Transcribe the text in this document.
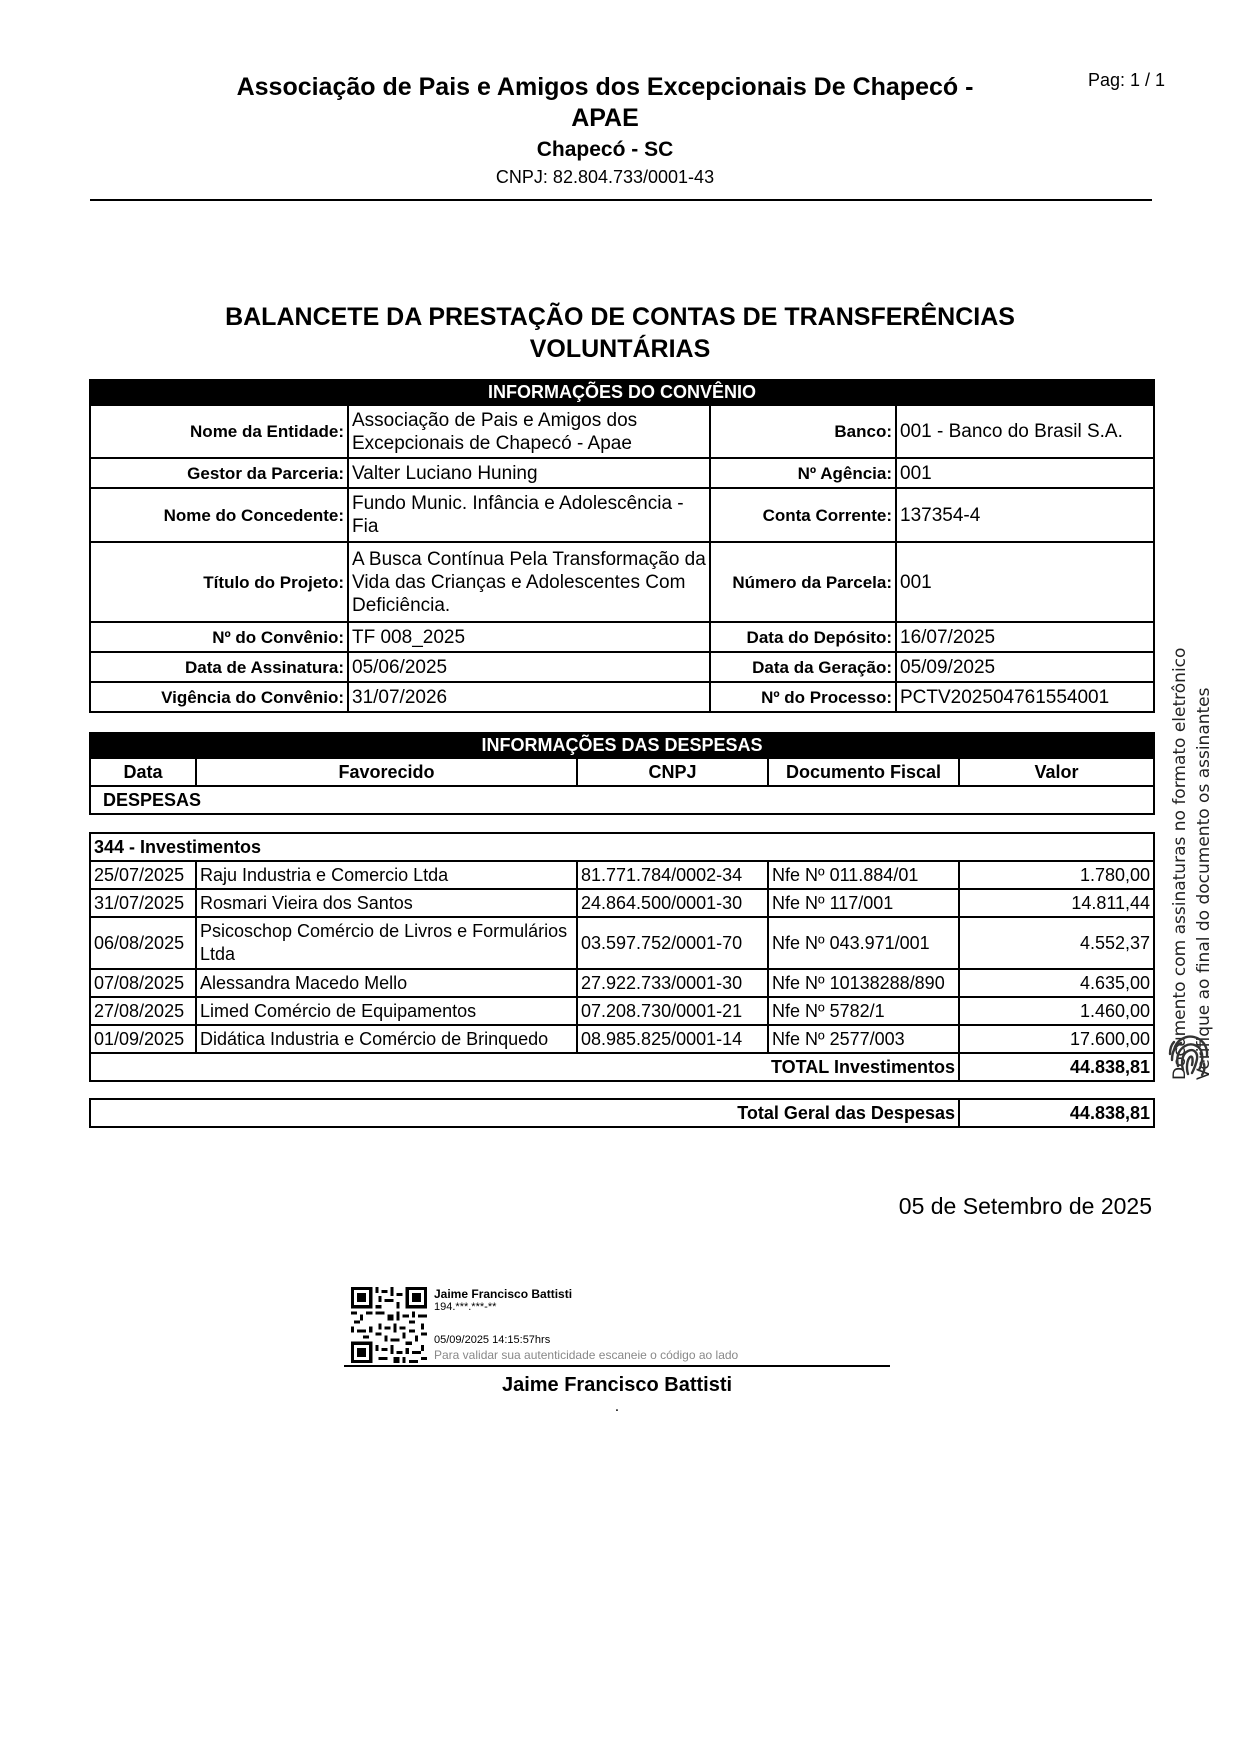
Associação de Pais e Amigos dos Excepcionais De Chapecó -
APAE
Chapecó - SC
CNPJ: 82.804.733/0001-43
Pag: 1 / 1
BALANCETE DA PRESTAÇÃO DE CONTAS DE TRANSFERÊNCIAS
VOLUNTÁRIAS
INFORMAÇÕES DO CONVÊNIO			
Nome da Entidade:	Associação de Pais e Amigos dos Excepcionais de Chapecó - Apae	Banco:	001 - Banco do Brasil S.A.
Gestor da Parceria:	Valter Luciano Huning	Nº Agência:	001
Nome do Concedente:	Fundo Munic. Infância e Adolescência - Fia	Conta Corrente:	137354-4
Título do Projeto:	A Busca Contínua Pela Transformação da Vida das Crianças e Adolescentes Com Deficiência.	Número da Parcela:	001
Nº do Convênio:	TF 008_2025	Data do Depósito:	16/07/2025
Data de Assinatura:	05/06/2025	Data da Geração:	05/09/2025
Vigência do Convênio:	31/07/2026	Nº do Processo:	PCTV202504761554001
INFORMAÇÕES DAS DESPESAS
Data	Favorecido	CNPJ	Documento Fiscal	Valor
DESPESAS
344 - Investimentos				
25/07/2025	Raju Industria e Comercio Ltda	81.771.784/0002-34	Nfe Nº 011.884/01	1.780,00
31/07/2025	Rosmari Vieira dos Santos	24.864.500/0001-30	Nfe Nº 117/001	14.811,44
06/08/2025	Psicoschop Comércio de Livros e Formulários Ltda	03.597.752/0001-70	Nfe Nº 043.971/001	4.552,37
07/08/2025	Alessandra Macedo Mello	27.922.733/0001-30	Nfe Nº 10138288/890	4.635,00
27/08/2025	Limed Comércio de Equipamentos	07.208.730/0001-21	Nfe Nº 5782/1	1.460,00
01/09/2025	Didática Industria e Comércio de Brinquedo	08.985.825/0001-14	Nfe Nº 2577/003	17.600,00
TOTAL Investimentos				44.838,81
Total Geral das Despesas	44.838,81
05 de Setembro de 2025
Jaime Francisco Battisti
194.***.***-**
05/09/2025 14:15:57hrs
Para validar sua autenticidade escaneie o código ao lado
Jaime Francisco Battisti
.
Documento com assinaturas no formato eletrônico Verifique ao final do documento os assinantes
